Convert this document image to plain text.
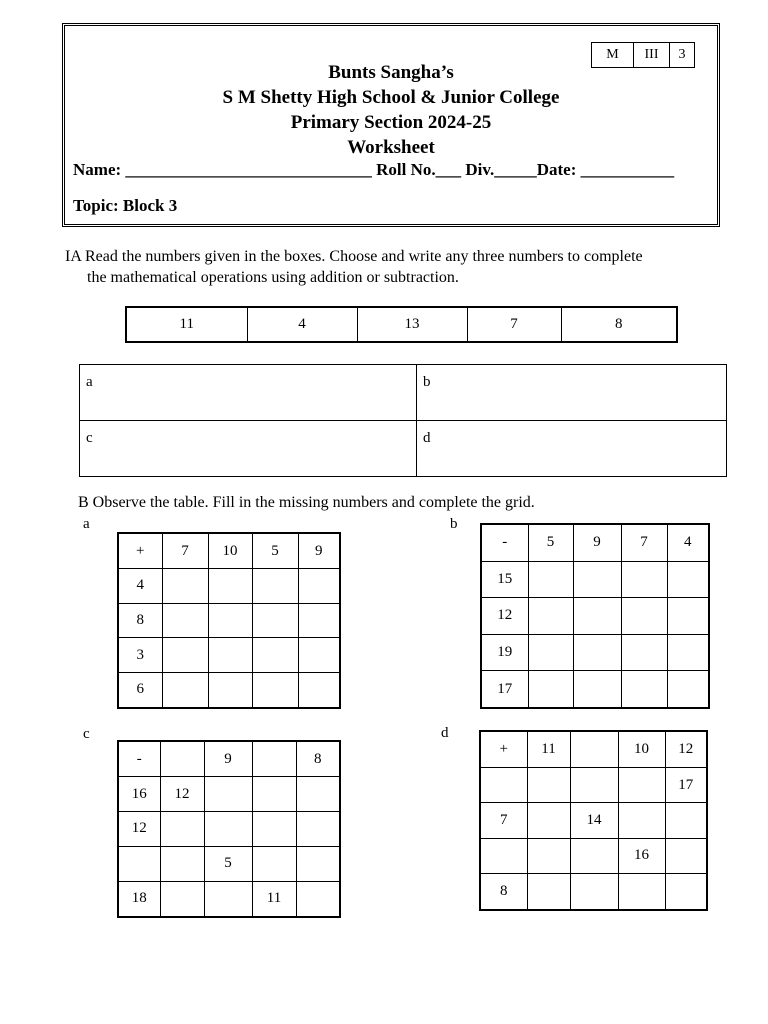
M	III	3
Bunts Sangha’s
S M Shetty High School & Junior College
Primary Section 2024-25
Worksheet
Name: _____________________________ Roll No.___ Div._____Date: ___________
Topic: Block 3
IA Read the numbers given in the boxes. Choose and write any three numbers to complete
the mathematical operations using addition or subtraction.
11	4	13	7	8
a	b
c	d
B Observe the table. Fill in the missing numbers and complete the grid.
a	b
c	d
+	7	10	5	9
4				
8				
3				
6				
-	5	9	7	4
15				
12				
19				
17				
-		9		8
16	12			
12				
		5		
18			11	
+	11		10	12
				17
7		14		
			16	
8				
